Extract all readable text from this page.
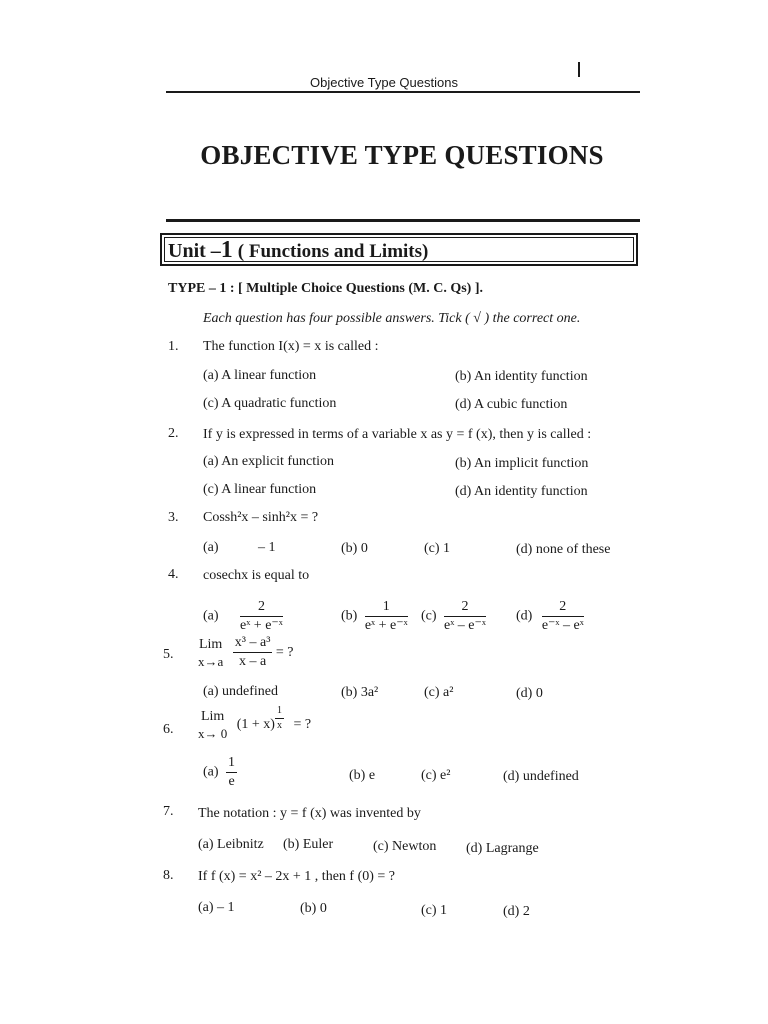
Objective Type Questions
OBJECTIVE TYPE QUESTIONS
Unit –1 ( Functions and Limits)
TYPE – 1 : [ Multiple Choice Questions (M. C. Qs) ].
Each question has four possible answers. Tick ( √ ) the correct one.
1. The function I(x) = x is called :
(a) A linear function	(b) An identity function
(c) A quadratic function	(d) A cubic function
2. If y is expressed in terms of a variable x as y = f (x), then y is called :
(a) An explicit function	(b) An implicit function
(c) A linear function	(d) An identity function
3. Cossh²x – sinh²x = ?
(a)	– 1	(b) 0	(c) 1	(d) none of these
4. cosechx is equal to
$(a) \frac{2}{\text{eˣ + e⁻ˣ}}$	$(b) \frac{1}{\text{eˣ + e⁻ˣ}} (c) \frac{2}{\text{eˣ – e⁻ˣ}} (d) \frac{2}{\text{e⁻ˣ – eˣ}}$
5.
Lim
x→a
$\frac{\text{x³ – a³}}{x - a}$ = ?
(a) undefined	(b) 3a²	(c) a²	(d) 0
6.
Lim
x→ 0
$(1 + x) \frac{1}{x}$ = ?
$(a) \frac{1}{e}$	(b) e	(c) e²	(d) undefined
7. The notation : y = f (x) was invented by
(a) Leibnitz (b) Euler	(c) Newton (d) Lagrange
8. If f (x) = x² – 2x + 1 , then f (0) = ?
(a) – 1	(b) 0	(c) 1	(d) 2
